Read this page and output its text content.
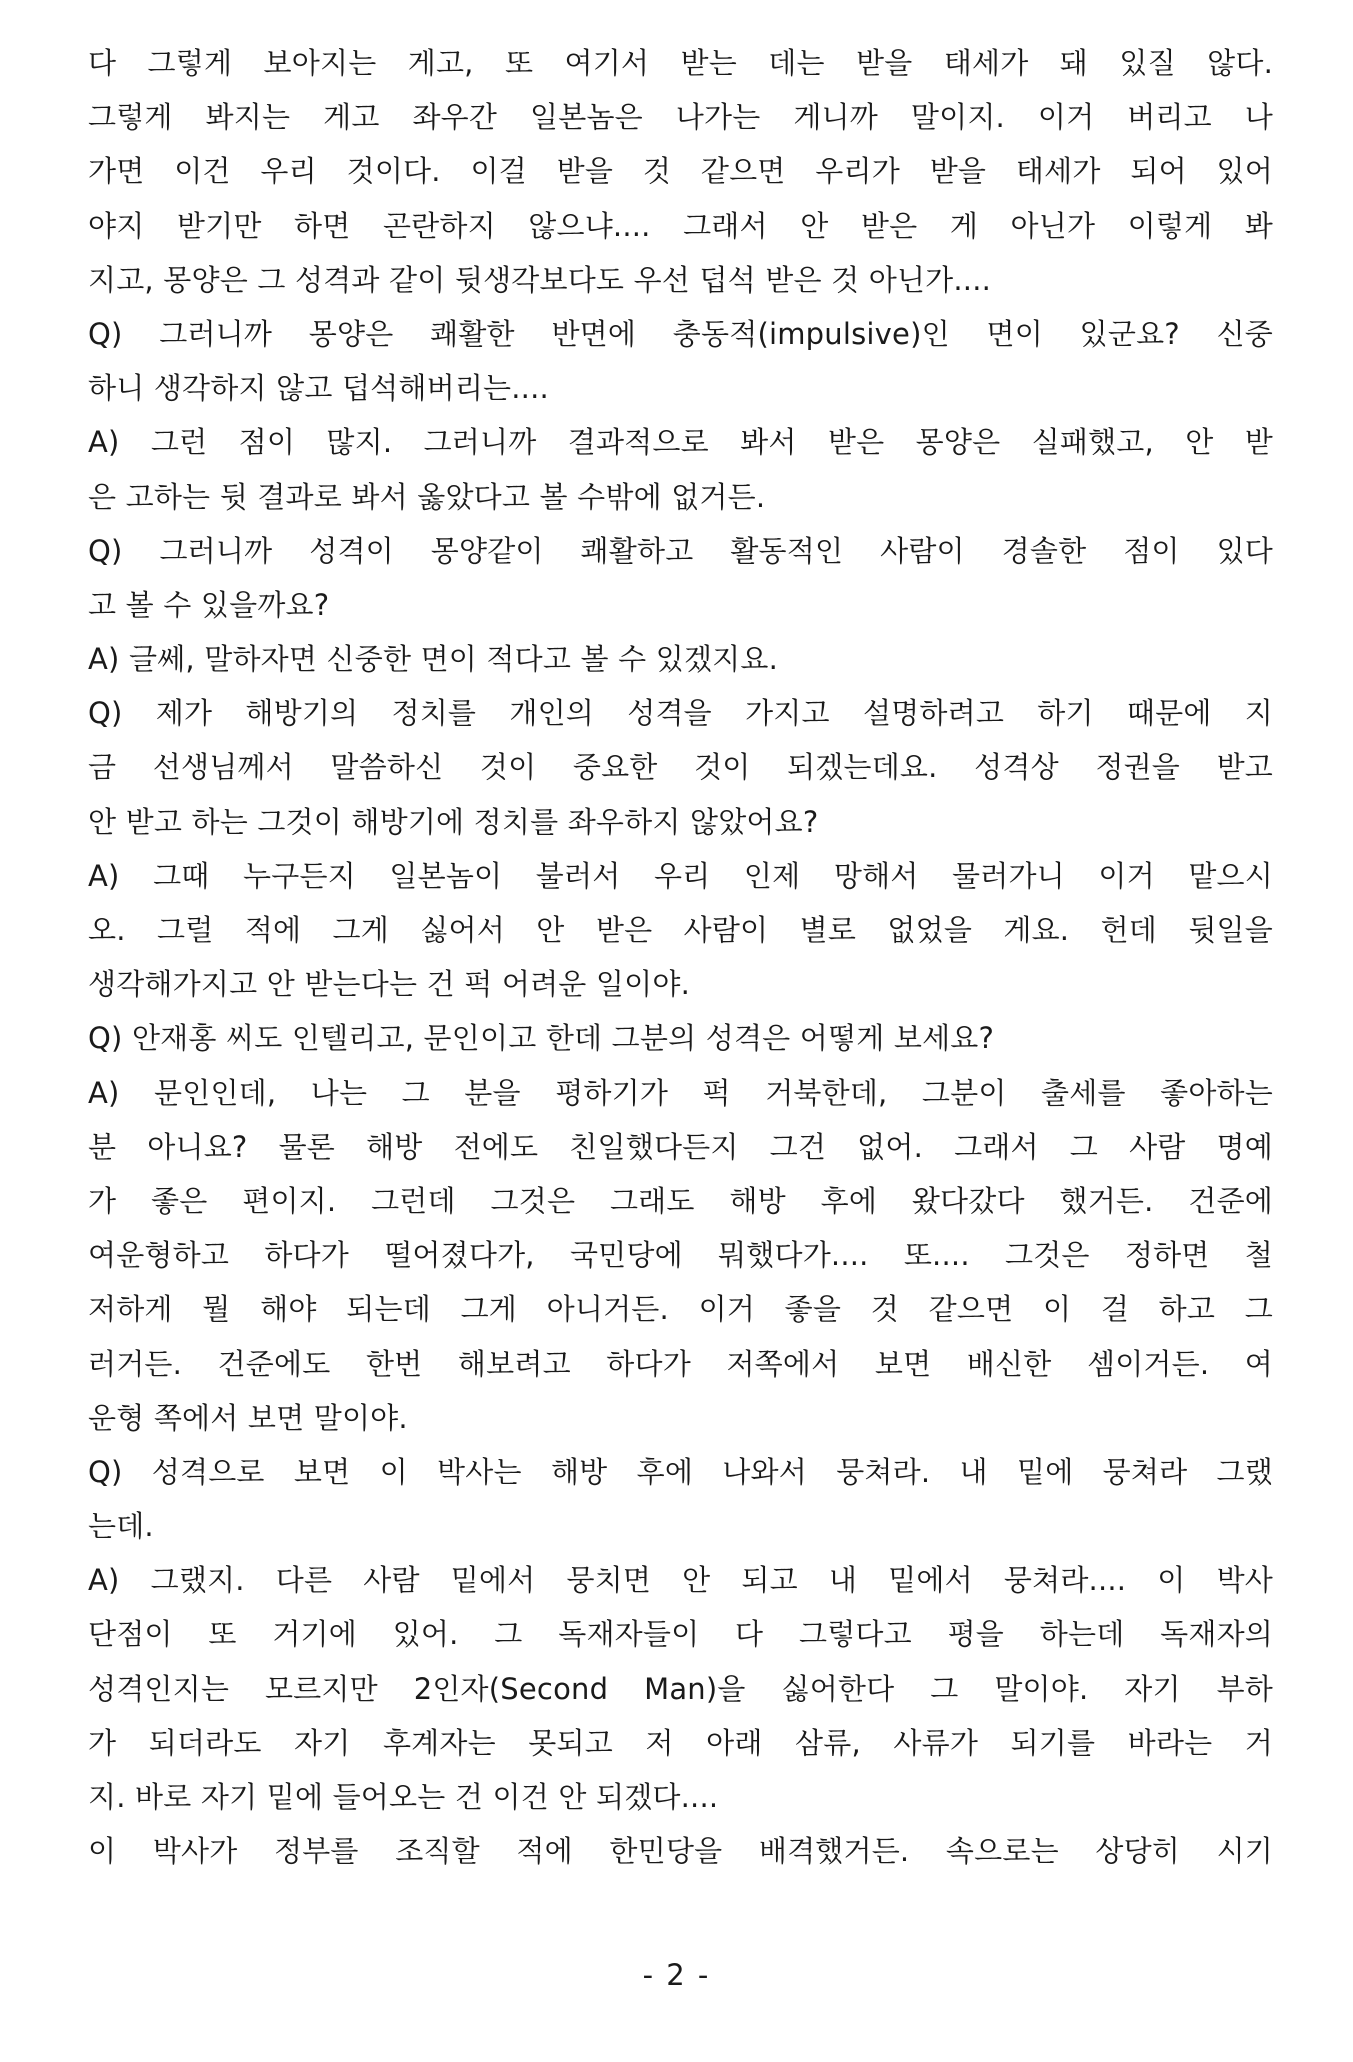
다 그렇게 보아지는 게고, 또 여기서 받는 데는 받을 태세가 돼 있질 않다.
그렇게 봐지는 게고 좌우간 일본놈은 나가는 게니까 말이지. 이거 버리고 나
가면 이건 우리 것이다. 이걸 받을 것 같으면 우리가 받을 태세가 되어 있어
야지 받기만 하면 곤란하지 않으냐.... 그래서 안 받은 게 아닌가 이렇게 봐
지고, 몽양은 그 성격과 같이 뒷생각보다도 우선 덥석 받은 것 아닌가....
Q) 그러니까 몽양은 쾌활한 반면에 충동적(impulsive)인 면이 있군요? 신중
하니 생각하지 않고 덥석해버리는....
A) 그런 점이 많지. 그러니까 결과적으로 봐서 받은 몽양은 실패했고, 안 받
은 고하는 뒷 결과로 봐서 옳았다고 볼 수밖에 없거든.
Q) 그러니까 성격이 몽양같이 쾌활하고 활동적인 사람이 경솔한 점이 있다
고 볼 수 있을까요?
A) 글쎄, 말하자면 신중한 면이 적다고 볼 수 있겠지요.
Q) 제가 해방기의 정치를 개인의 성격을 가지고 설명하려고 하기 때문에 지
금 선생님께서 말씀하신 것이 중요한 것이 되겠는데요. 성격상 정권을 받고
안 받고 하는 그것이 해방기에 정치를 좌우하지 않았어요?
A) 그때 누구든지 일본놈이 불러서 우리 인제 망해서 물러가니 이거 맡으시
오. 그럴 적에 그게 싫어서 안 받은 사람이 별로 없었을 게요. 헌데 뒷일을
생각해가지고 안 받는다는 건 퍽 어려운 일이야.
Q) 안재홍 씨도 인텔리고, 문인이고 한데 그분의 성격은 어떻게 보세요?
A) 문인인데, 나는 그 분을 평하기가 퍽 거북한데, 그분이 출세를 좋아하는
분 아니요? 물론 해방 전에도 친일했다든지 그건 없어. 그래서 그 사람 명예
가 좋은 편이지. 그런데 그것은 그래도 해방 후에 왔다갔다 했거든. 건준에
여운형하고 하다가 떨어졌다가, 국민당에 뭐했다가.... 또.... 그것은 정하면 철
저하게 뭘 해야 되는데 그게 아니거든. 이거 좋을 것 같으면 이 걸 하고 그
러거든. 건준에도 한번 해보려고 하다가 저쪽에서 보면 배신한 셈이거든. 여
운형 쪽에서 보면 말이야.
Q) 성격으로 보면 이 박사는 해방 후에 나와서 뭉쳐라. 내 밑에 뭉쳐라 그랬
는데.
A) 그랬지. 다른 사람 밑에서 뭉치면 안 되고 내 밑에서 뭉쳐라.... 이 박사
단점이 또 거기에 있어. 그 독재자들이 다 그렇다고 평을 하는데 독재자의
성격인지는 모르지만 2인자(Second Man)을 싫어한다 그 말이야. 자기 부하
가 되더라도 자기 후계자는 못되고 저 아래 삼류, 사류가 되기를 바라는 거
지. 바로 자기 밑에 들어오는 건 이건 안 되겠다....
이 박사가 정부를 조직할 적에 한민당을 배격했거든. 속으로는 상당히 시기
- 2 -
